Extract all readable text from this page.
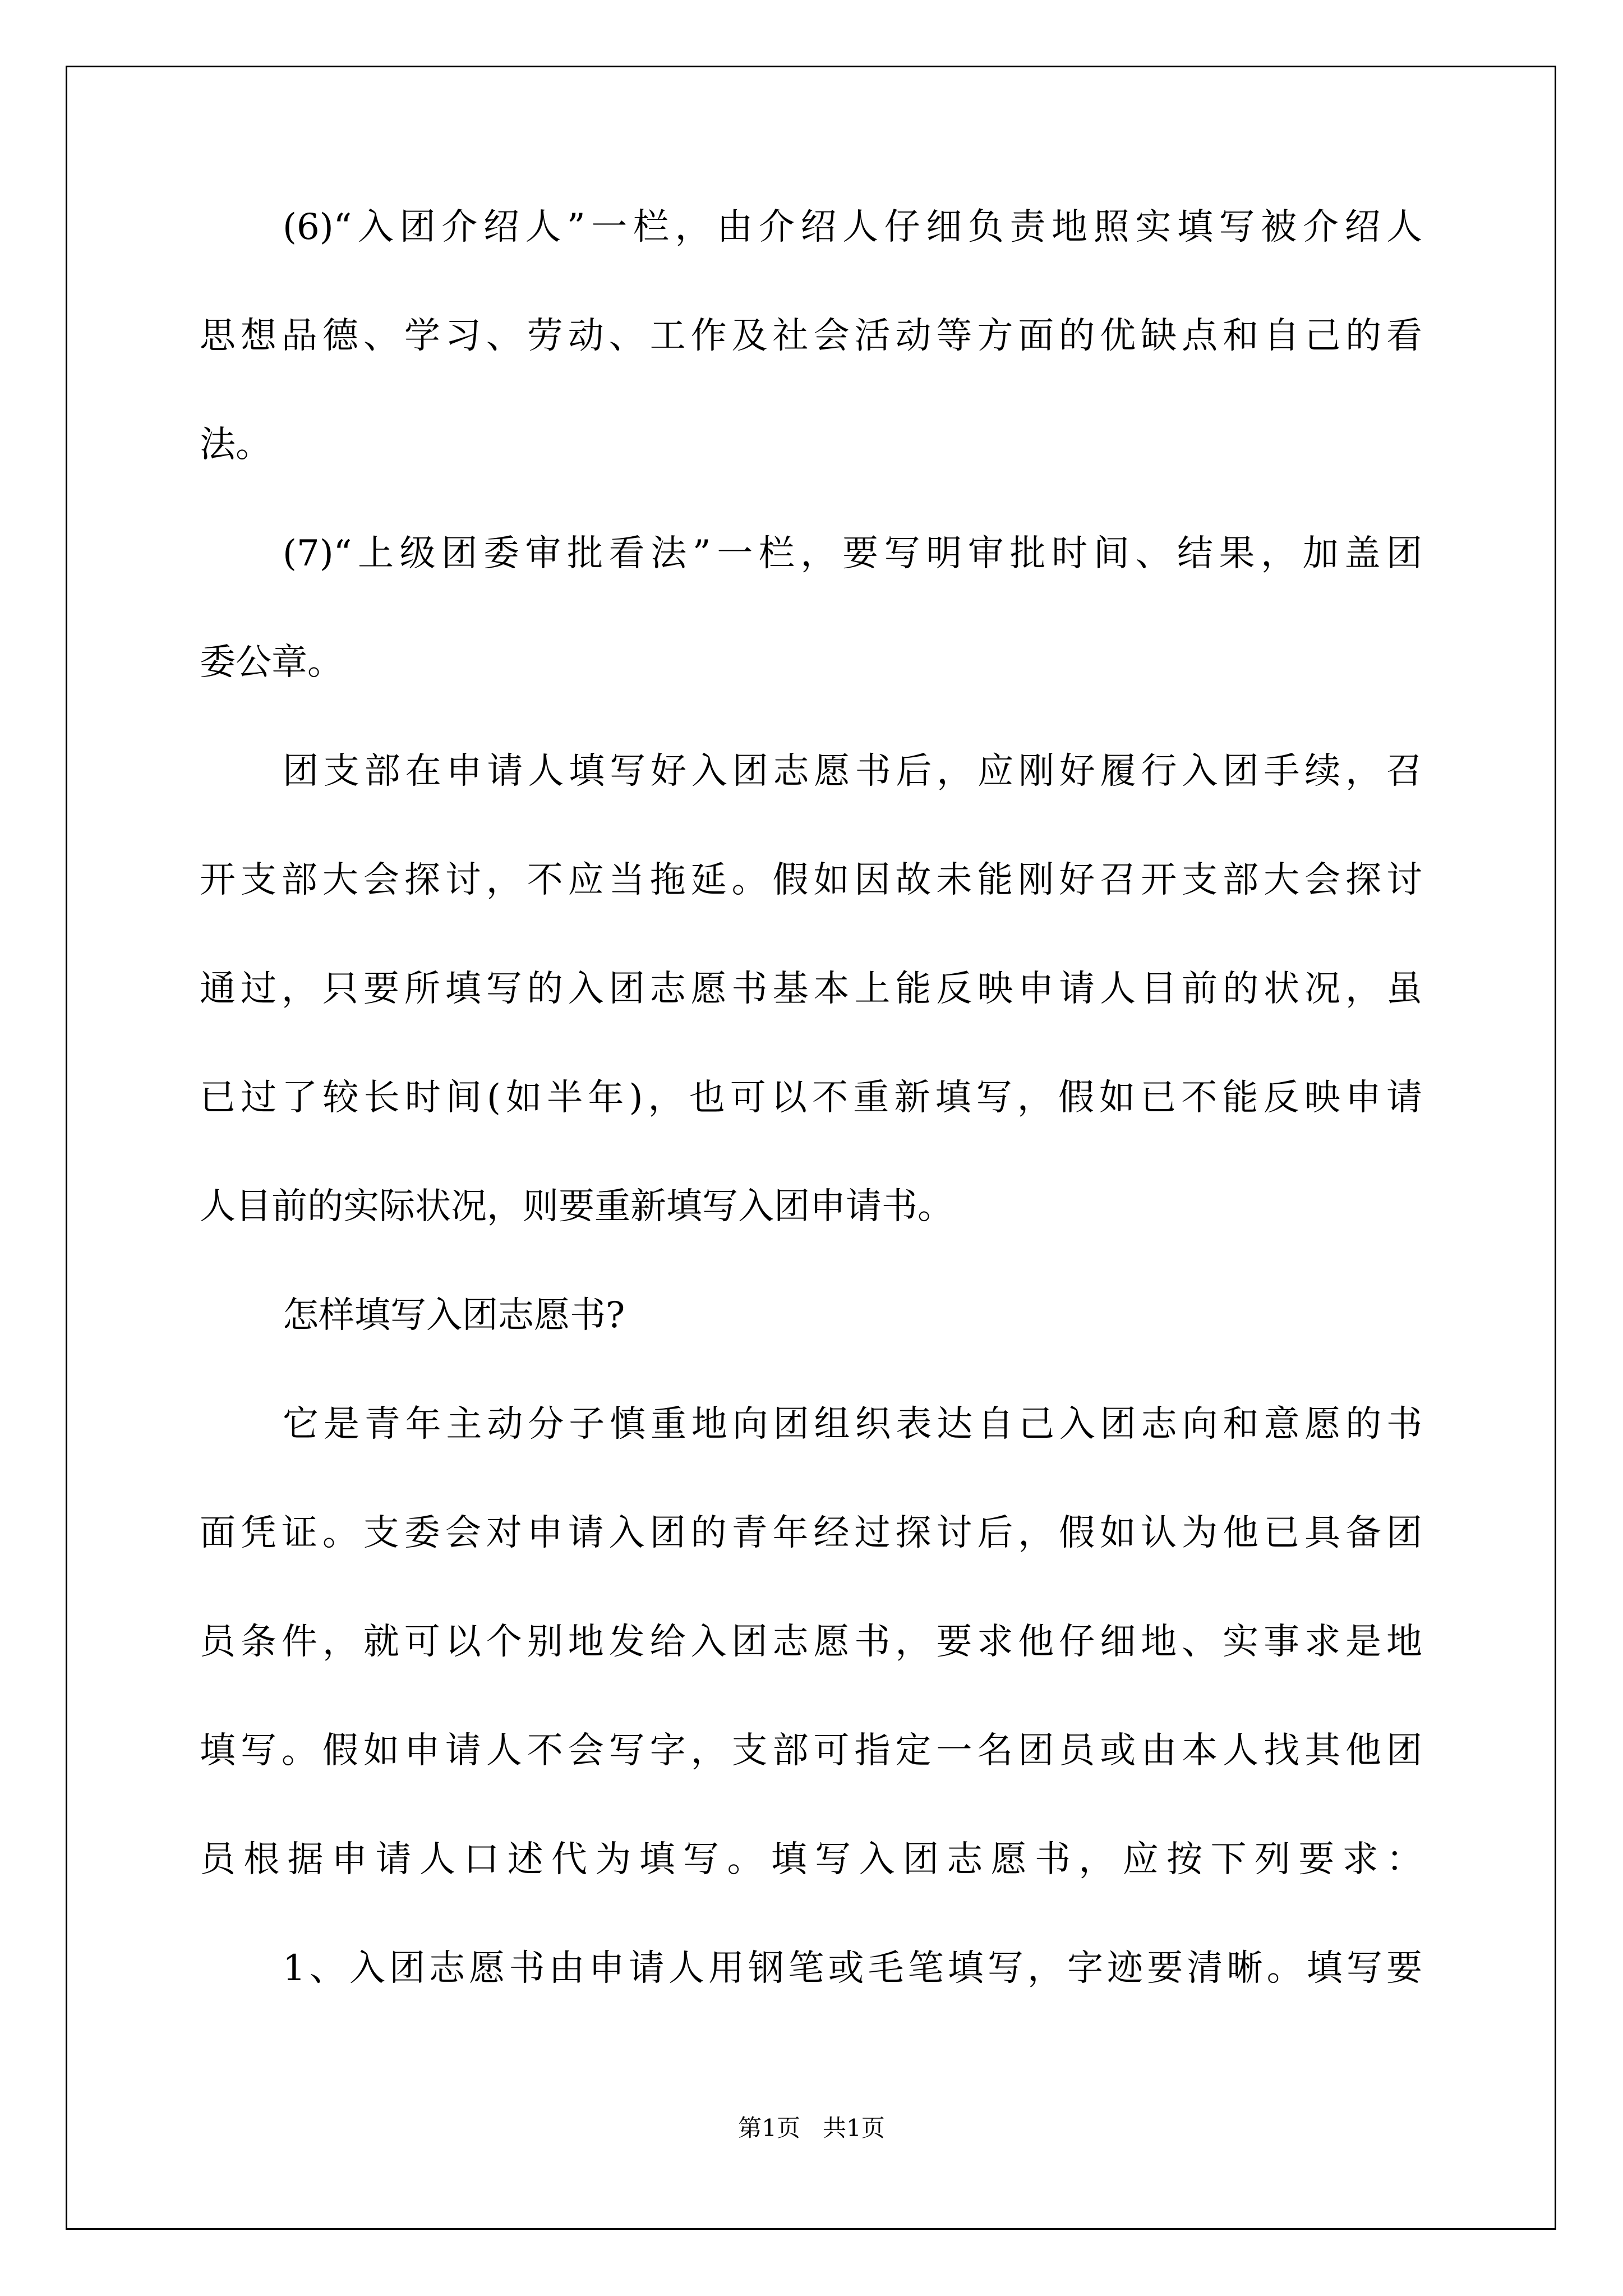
(6)“入团介绍人”一栏，由介绍人仔细负责地照实填写被介绍人
思想品德、学习、劳动、工作及社会活动等方面的优缺点和自己的看
法。
(7)“上级团委审批看法”一栏，要写明审批时间、结果，加盖团
委公章。
团支部在申请人填写好入团志愿书后，应刚好履行入团手续，召
开支部大会探讨，不应当拖延。假如因故未能刚好召开支部大会探讨
通过，只要所填写的入团志愿书基本上能反映申请人目前的状况，虽
已过了较长时间(如半年)，也可以不重新填写，假如已不能反映申请
人目前的实际状况，则要重新填写入团申请书。
怎样填写入团志愿书?
它是青年主动分子慎重地向团组织表达自己入团志向和意愿的书
面凭证。支委会对申请入团的青年经过探讨后，假如认为他已具备团
员条件，就可以个别地发给入团志愿书，要求他仔细地、实事求是地
填写。假如申请人不会写字，支部可指定一名团员或由本人找其他团
员根据申请人口述代为填写。填写入团志愿书，应按下列要求：
1、入团志愿书由申请人用钢笔或毛笔填写，字迹要清晰。填写要
第1页 共1页
